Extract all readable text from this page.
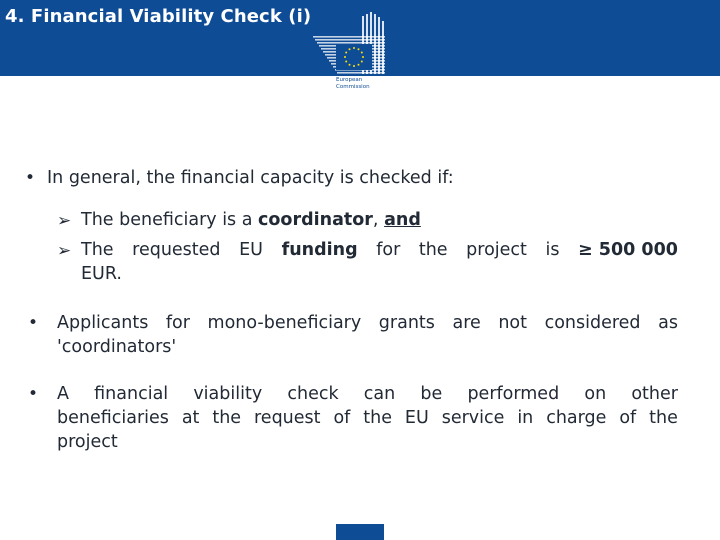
4. Financial Viability Check (i)
European
Commission
• In general, the financial capacity is checked if:
➢ The beneficiary is a coordinator, and
➢ The requested EU funding for the project is ≥ 500 000
EUR.
• Applicants for mono-beneficiary grants are not considered as
'coordinators'
• A financial viability check can be performed on other
beneficiaries at the request of the EU service in charge of the
project
